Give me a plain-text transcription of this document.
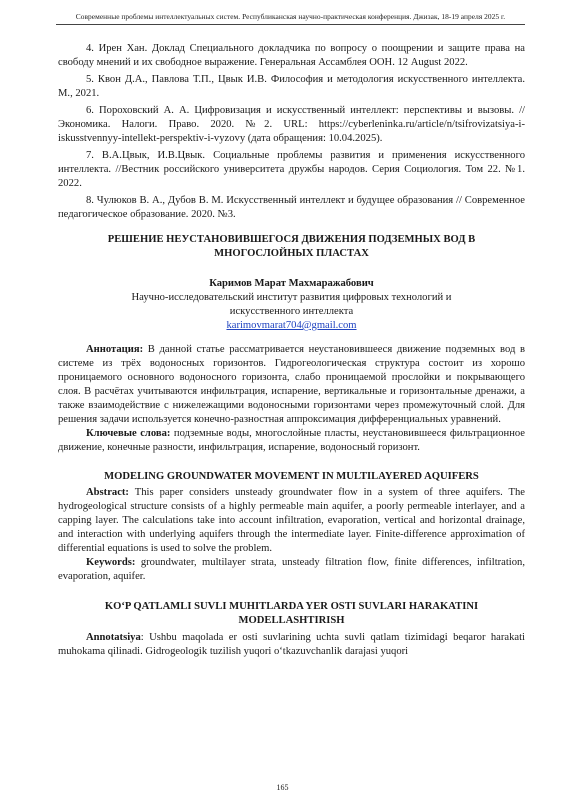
Современные проблемы интеллектуальных систем. Республиканская научно-практическая конференция. Джизак, 18-19 апреля 2025 г.

4. Ирен Хан. Доклад Специального докладчика по вопросу о поощрении и защите права на свободу мнений и их свободное выражение. Генеральная Ассамблея ООН. 12 August 2022.

5. Квон Д.А., Павлова Т.П., Цвык И.В. Философия и методология искусственного интеллекта. М., 2021.

6. Пороховский А. А. Цифровизация и искусственный интеллект: перспективы и вызовы. //Экономика. Налоги. Право. 2020. №2. URL: https://cyberleninka.ru/article/n/tsifrovizatsiya-i-iskusstvennyy-intellekt-perspektiv-i-vyzovy (дата обращения: 10.04.2025).

7. В.А.Цвык, И.В.Цвык. Социальные проблемы развития и применения искусственного интеллекта. //Вестник российского университета дружбы народов. Серия Социология. Том 22. №1. 2022.

8. Чулюков В. А., Дубов В. М. Искусственный интеллект и будущее образования // Современное педагогическое образование. 2020. №3.

РЕШЕНИЕ НЕУСТАНОВИВШЕГОСЯ ДВИЖЕНИЯ ПОДЗЕМНЫХ ВОД В МНОГОСЛОЙНЫХ ПЛАСТАХ

Каримов Марат Махмаражабович

Научно-исследовательский институт развития цифровых технологий и

искусственного интеллекта

karimovmarat704@gmail.com

Аннотация: В данной статье рассматривается неустановившееся движение подземных вод в системе из трёх водоносных горизонтов. Гидрогеологическая структура состоит из хорошо проницаемого основного водоносного горизонта, слабо проницаемой прослойки и покрывающего слоя. В расчётах учитываются инфильтрация, испарение, вертикальные и горизонтальные дренажи, а также взаимодействие с нижележащими водоносными горизонтами через промежуточный слой. Для решения задачи используется конечно-разностная аппроксимация дифференциальных уравнений.

Ключевые слова: подземные воды, многослойные пласты, неустановившееся фильтрационное движение, конечные разности, инфильтрация, испарение, водоносный горизонт.

MODELING GROUNDWATER MOVEMENT IN MULTILAYERED AQUIFERS

Abstract: This paper considers unsteady groundwater flow in a system of three aquifers. The hydrogeological structure consists of a highly permeable main aquifer, a poorly permeable interlayer, and a capping layer. The calculations take into account infiltration, evaporation, vertical and horizontal drainage, and interaction with underlying aquifers through the intermediate layer. Finite-difference approximation of differential equations is used to solve the problem.

Keywords: groundwater, multilayer strata, unsteady filtration flow, finite differences, infiltration, evaporation, aquifer.

KOʻP QATLAMLI SUVLI MUHITLARDA YER OSTI SUVLARI HARAKATINI MODELLASHTIRISH

Annotatsiya: Ushbu maqolada er osti suvlarining uchta suvli qatlam tizimidagi beqaror harakati muhokama qilinadi. Gidrogeologik tuzilish yuqori oʻtkazuvchanlik darajasi yuqori

165
